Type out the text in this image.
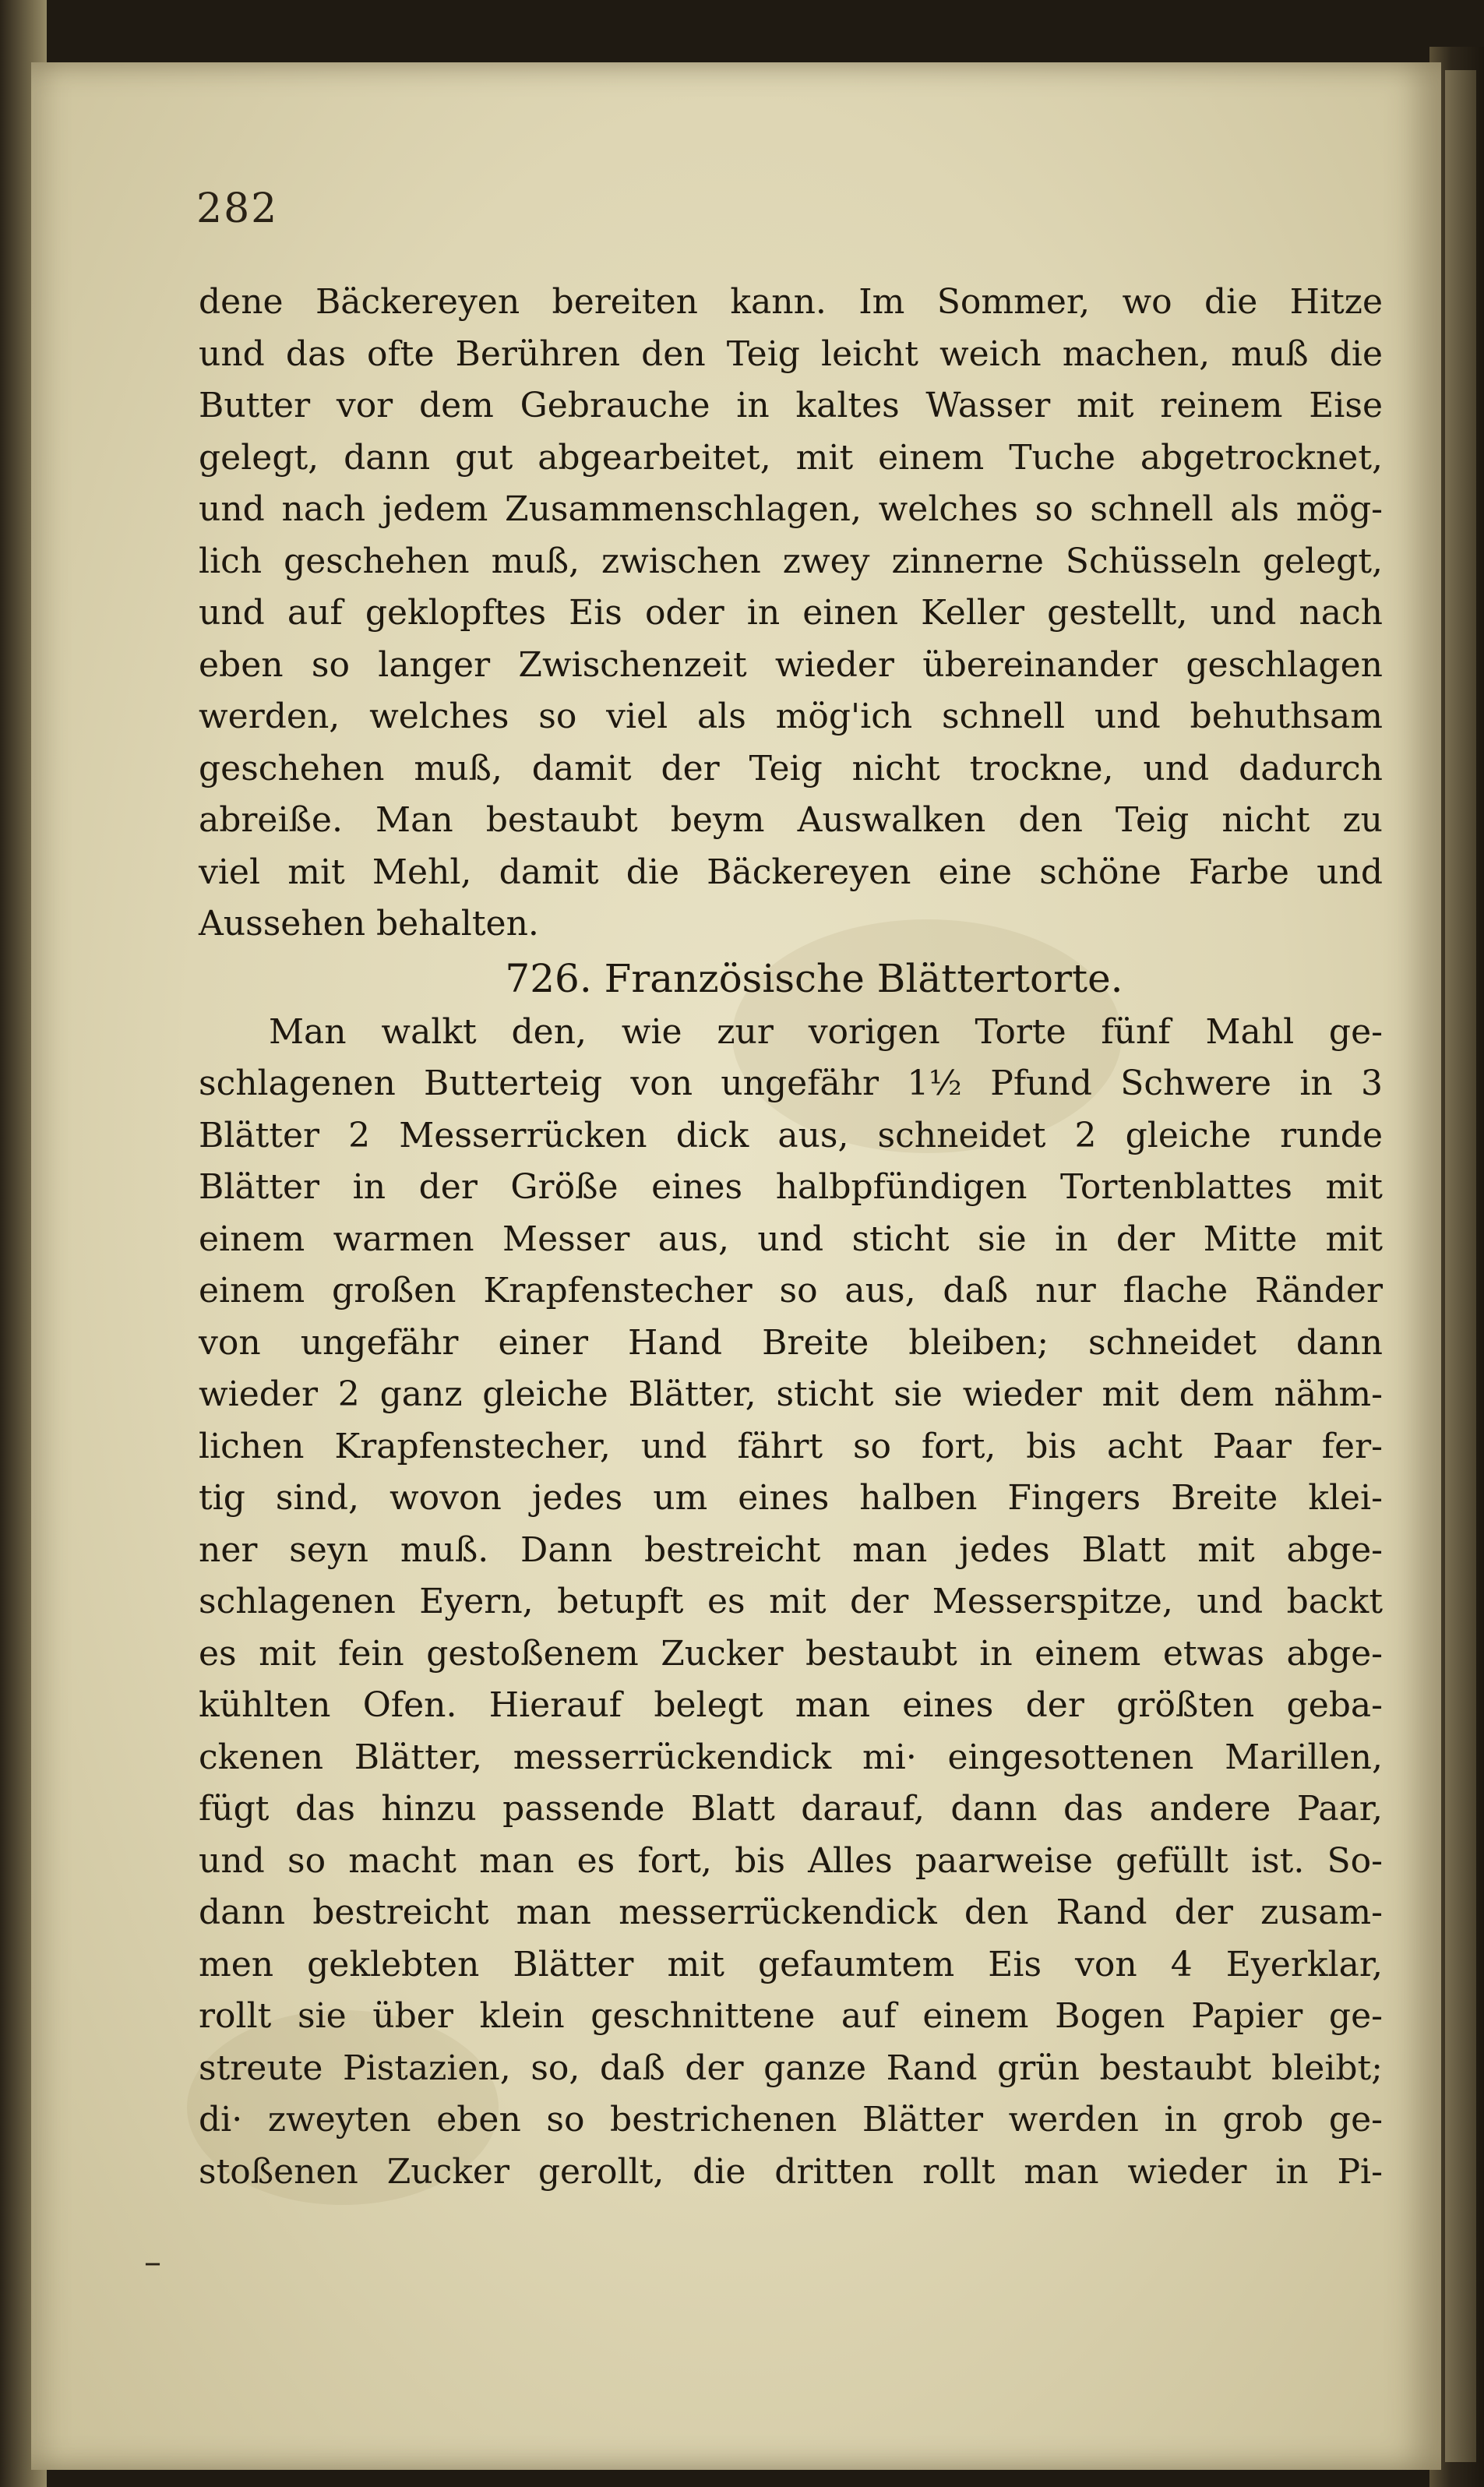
282
dene Bäckereyen bereiten kann. Im Sommer, wo die Hitze
und das ofte Berühren den Teig leicht weich machen, muß die
Butter vor dem Gebrauche in kaltes Wasser mit reinem Eise
gelegt, dann gut abgearbeitet, mit einem Tuche abgetrocknet,
und nach jedem Zusammenschlagen, welches so schnell als mög-
lich geschehen muß, zwischen zwey zinnerne Schüsseln gelegt,
und auf geklopftes Eis oder in einen Keller gestellt, und nach
eben so langer Zwischenzeit wieder übereinander geschlagen
werden, welches so viel als mög'ich schnell und behuthsam
geschehen muß, damit der Teig nicht trockne, und dadurch
abreiße. Man bestaubt beym Auswalken den Teig nicht zu
viel mit Mehl, damit die Bäckereyen eine schöne Farbe und
Aussehen behalten.
726. Französische Blättertorte.
Man walkt den, wie zur vorigen Torte fünf Mahl ge-
schlagenen Butterteig von ungefähr 1½ Pfund Schwere in 3
Blätter 2 Messerrücken dick aus, schneidet 2 gleiche runde
Blätter in der Größe eines halbpfündigen Tortenblattes mit
einem warmen Messer aus, und sticht sie in der Mitte mit
einem großen Krapfenstecher so aus, daß nur flache Ränder
von ungefähr einer Hand Breite bleiben; schneidet dann
wieder 2 ganz gleiche Blätter, sticht sie wieder mit dem nähm-
lichen Krapfenstecher, und fährt so fort, bis acht Paar fer-
tig sind, wovon jedes um eines halben Fingers Breite klei-
ner seyn muß. Dann bestreicht man jedes Blatt mit abge-
schlagenen Eyern, betupft es mit der Messerspitze, und backt
es mit fein gestoßenem Zucker bestaubt in einem etwas abge-
kühlten Ofen. Hierauf belegt man eines der größten geba-
ckenen Blätter, messerrückendick mi· eingesottenen Marillen,
fügt das hinzu passende Blatt darauf, dann das andere Paar,
und so macht man es fort, bis Alles paarweise gefüllt ist. So-
dann bestreicht man messerrückendick den Rand der zusam-
men geklebten Blätter mit gefaumtem Eis von 4 Eyerklar,
rollt sie über klein geschnittene auf einem Bogen Papier ge-
streute Pistazien, so, daß der ganze Rand grün bestaubt bleibt;
di· zweyten eben so bestrichenen Blätter werden in grob ge-
stoßenen Zucker gerollt, die dritten rollt man wieder in Pi-
–
